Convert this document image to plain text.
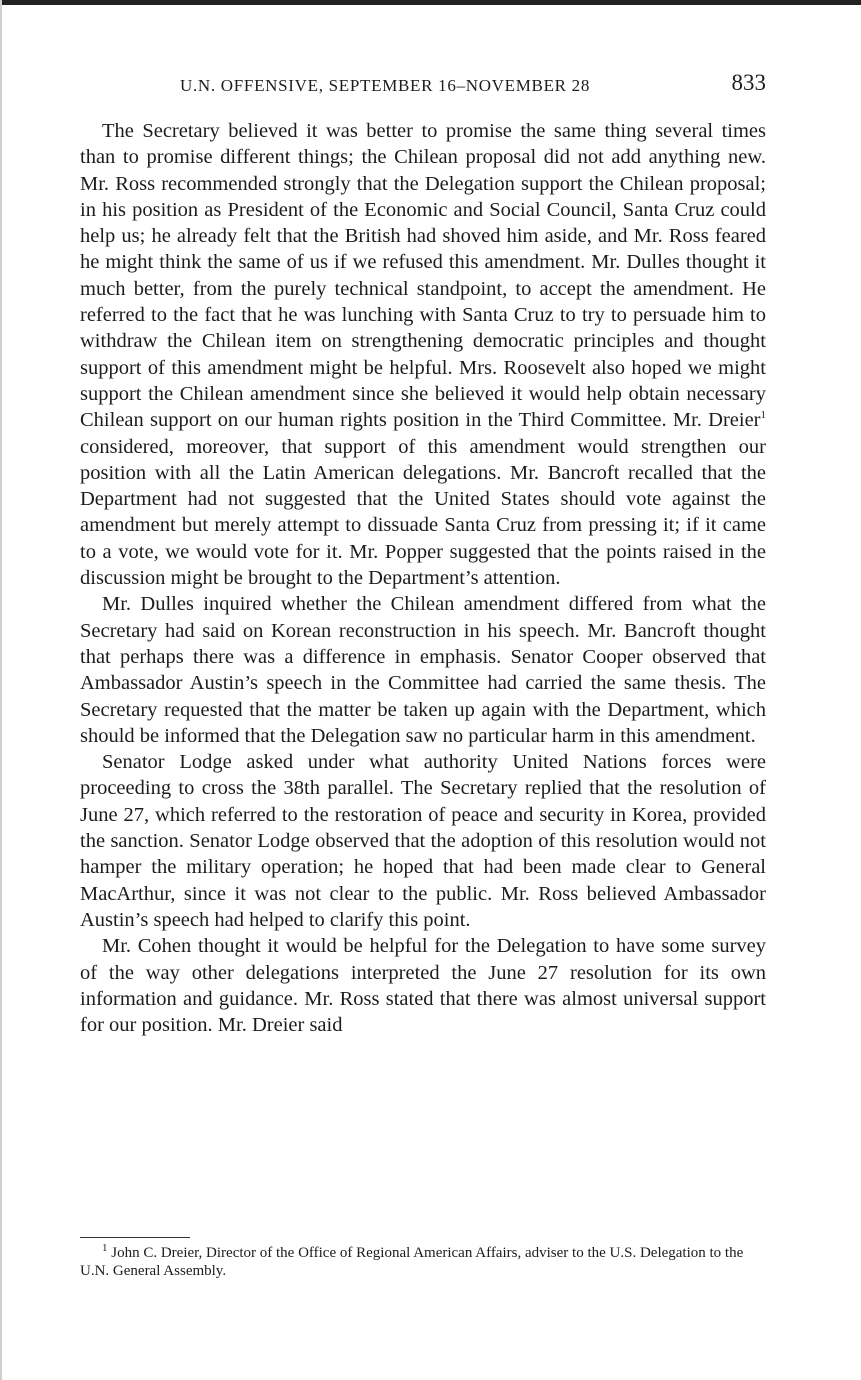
U.N. OFFENSIVE, SEPTEMBER 16–NOVEMBER 28	833

The Secretary believed it was better to promise the same thing several times than to promise different things; the Chilean proposal did not add anything new. Mr. Ross recommended strongly that the Delegation support the Chilean proposal; in his position as President of the Economic and Social Council, Santa Cruz could help us; he already felt that the British had shoved him aside, and Mr. Ross feared he might think the same of us if we refused this amendment. Mr. Dulles thought it much better, from the purely technical standpoint, to accept the amendment. He referred to the fact that he was lunching with Santa Cruz to try to persuade him to withdraw the Chilean item on strengthening democratic principles and thought support of this amendment might be helpful. Mrs. Roosevelt also hoped we might support the Chilean amendment since she believed it would help obtain necessary Chilean support on our human rights position in the Third Committee. Mr. Dreier$^1$ considered, moreover, that support of this amendment would strengthen our position with all the Latin American delegations. Mr. Bancroft recalled that the Department had not suggested that the United States should vote against the amendment but merely attempt to dissuade Santa Cruz from pressing it; if it came to a vote, we would vote for it. Mr. Popper suggested that the points raised in the discussion might be brought to the Department’s attention.

Mr. Dulles inquired whether the Chilean amendment differed from what the Secretary had said on Korean reconstruction in his speech. Mr. Bancroft thought that perhaps there was a difference in emphasis. Senator Cooper observed that Ambassador Austin’s speech in the Committee had carried the same thesis. The Secretary requested that the matter be taken up again with the Department, which should be informed that the Delegation saw no particular harm in this amendment.

Senator Lodge asked under what authority United Nations forces were proceeding to cross the 38th parallel. The Secretary replied that the resolution of June 27, which referred to the restoration of peace and security in Korea, provided the sanction. Senator Lodge observed that the adoption of this resolution would not hamper the military operation; he hoped that had been made clear to General MacArthur, since it was not clear to the public. Mr. Ross believed Ambassador Austin’s speech had helped to clarify this point.

Mr. Cohen thought it would be helpful for the Delegation to have some survey of the way other delegations interpreted the June 27 resolution for its own information and guidance. Mr. Ross stated that there was almost universal support for our position. Mr. Dreier said

$^1$ John C. Dreier, Director of the Office of Regional American Affairs, adviser to the U.S. Delegation to the U.N. General Assembly.
